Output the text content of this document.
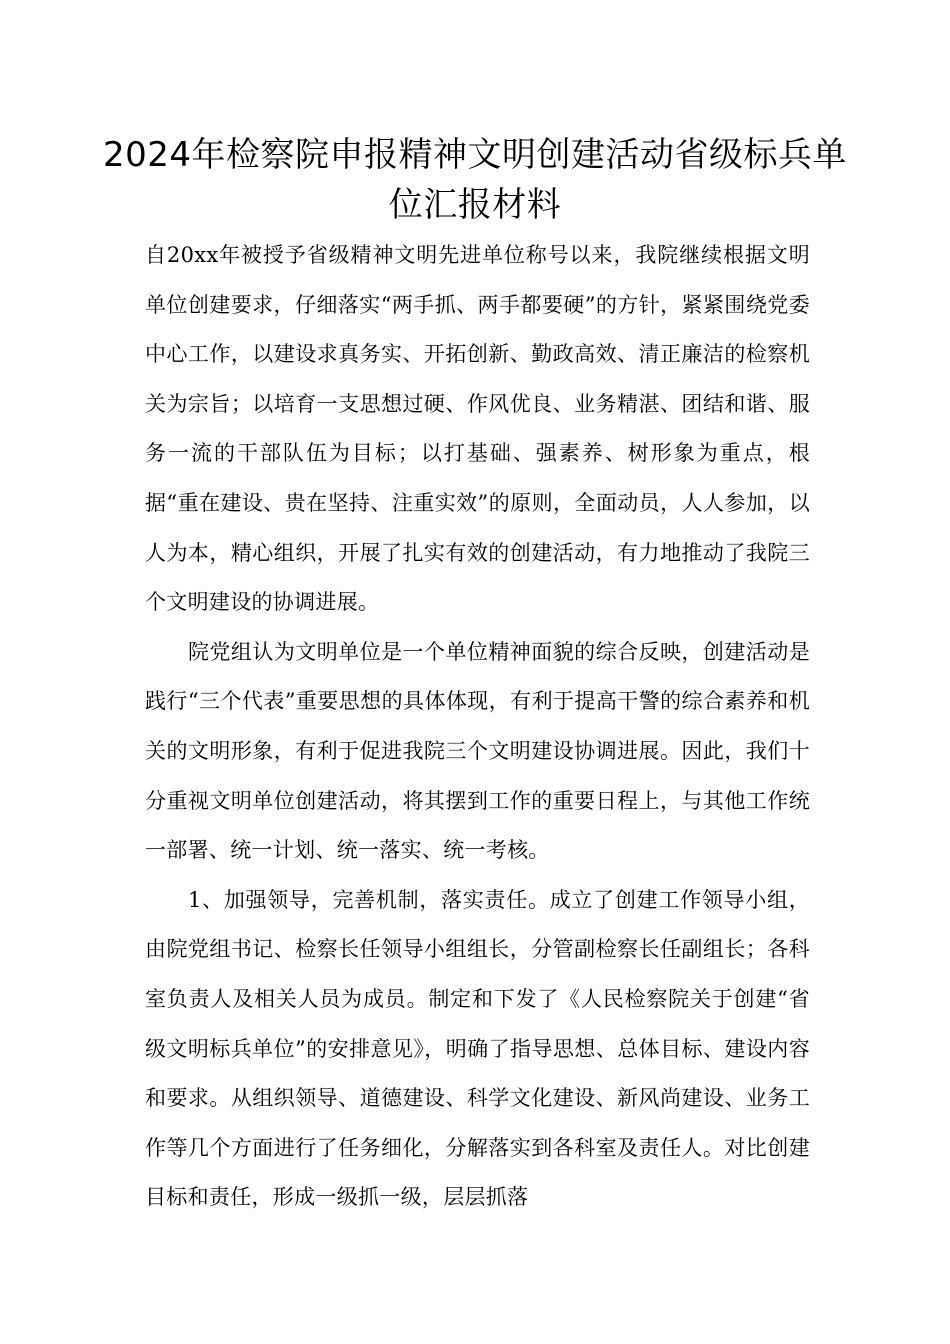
2024年检察院申报精神文明创建活动省级标兵单位汇报材料

自20xx年被授予省级精神文明先进单位称号以来，我院继续根据文明单位创建要求，仔细落实“两手抓、两手都要硬”的方针，紧紧围绕党委中心工作，以建设求真务实、开拓创新、勤政高效、清正廉洁的检察机关为宗旨；以培育一支思想过硬、作风优良、业务精湛、团结和谐、服务一流的干部队伍为目标；以打基础、强素养、树形象为重点，根据“重在建设、贵在坚持、注重实效”的原则，全面动员，人人参加，以人为本，精心组织，开展了扎实有效的创建活动，有力地推动了我院三个文明建设的协调进展。

院党组认为文明单位是一个单位精神面貌的综合反映，创建活动是践行“三个代表”重要思想的具体体现，有利于提高干警的综合素养和机关的文明形象，有利于促进我院三个文明建设协调进展。因此，我们十分重视文明单位创建活动，将其摆到工作的重要日程上，与其他工作统一部署、统一计划、统一落实、统一考核。

1、加强领导，完善机制，落实责任。成立了创建工作领导小组，由院党组书记、检察长任领导小组组长，分管副检察长任副组长；各科室负责人及相关人员为成员。制定和下发了《人民检察院关于创建“省级文明标兵单位”的安排意见》，明确了指导思想、总体目标、建设内容和要求。从组织领导、道德建设、科学文化建设、新风尚建设、业务工作等几个方面进行了任务细化，分解落实到各科室及责任人。对比创建目标和责任，形成一级抓一级，层层抓落
